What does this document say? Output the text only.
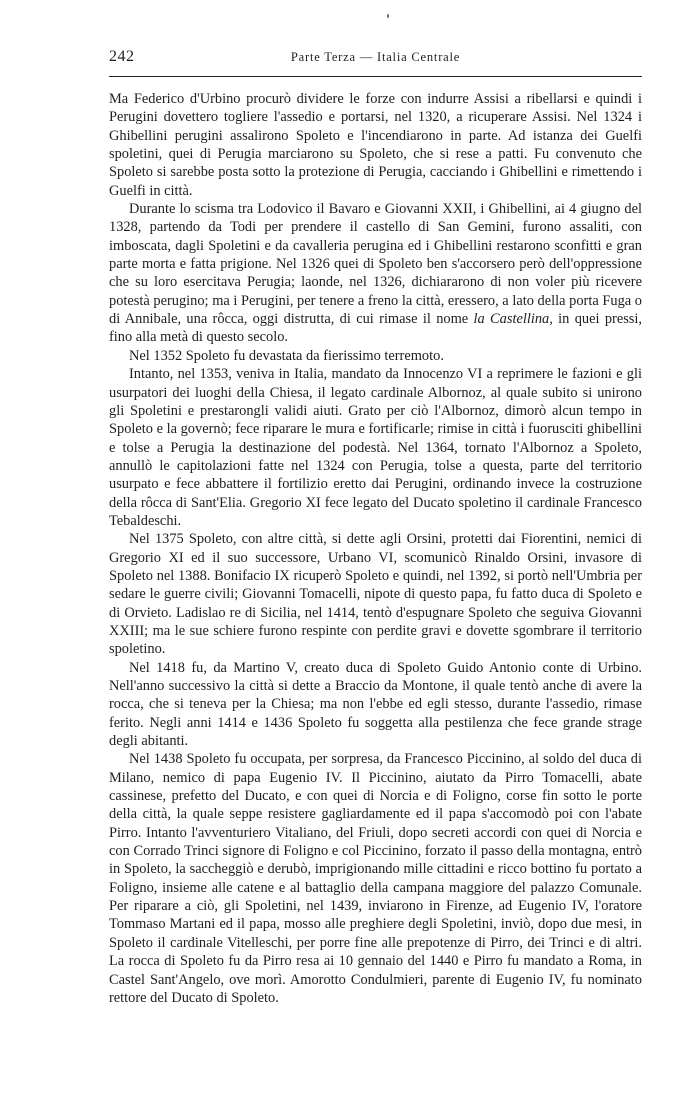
242	Parte Terza — Italia Centrale

Ma Federico d'Urbino procurò dividere le forze con indurre Assisi a ribellarsi e quindi i Perugini dovettero togliere l'assedio e portarsi, nel 1320, a ricuperare Assisi. Nel 1324 i Ghibellini perugini assalirono Spoleto e l'incendiarono in parte. Ad istanza dei Guelfi spoletini, quei di Perugia marciarono su Spoleto, che si rese a patti. Fu convenuto che Spoleto si sarebbe posta sotto la protezione di Perugia, cacciando i Ghibellini e rimettendo i Guelfi in città.

Durante lo scisma tra Lodovico il Bavaro e Giovanni XXII, i Ghibellini, ai 4 giugno del 1328, partendo da Todi per prendere il castello di San Gemini, furono assaliti, con imboscata, dagli Spoletini e da cavalleria perugina ed i Ghibellini restarono sconfitti e gran parte morta e fatta prigione. Nel 1326 quei di Spoleto ben s'accorsero però dell'oppressione che su loro esercitava Perugia; laonde, nel 1326, dichiararono di non voler più ricevere potestà perugino; ma i Perugini, per tenere a freno la città, eressero, a lato della porta Fuga o di Annibale, una rôcca, oggi distrutta, di cui rimase il nome la Castellina, in quei pressi, fino alla metà di questo secolo.

Nel 1352 Spoleto fu devastata da fierissimo terremoto.

Intanto, nel 1353, veniva in Italia, mandato da Innocenzo VI a reprimere le fazioni e gli usurpatori dei luoghi della Chiesa, il legato cardinale Albornoz, al quale subito si unirono gli Spoletini e prestarongli validi aiuti. Grato per ciò l'Albornoz, dimorò alcun tempo in Spoleto e la governò; fece riparare le mura e fortificarle; rimise in città i fuorusciti ghibellini e tolse a Perugia la destinazione del podestà. Nel 1364, tornato l'Albornoz a Spoleto, annullò le capitolazioni fatte nel 1324 con Perugia, tolse a questa, parte del territorio usurpato e fece abbattere il fortilizio eretto dai Perugini, ordinando invece la costruzione della rôcca di Sant'Elia. Gregorio XI fece legato del Ducato spoletino il cardinale Francesco Tebaldeschi.

Nel 1375 Spoleto, con altre città, si dette agli Orsini, protetti dai Fiorentini, nemici di Gregorio XI ed il suo successore, Urbano VI, scomunicò Rinaldo Orsini, invasore di Spoleto nel 1388. Bonifacio IX ricuperò Spoleto e quindi, nel 1392, si portò nell'Umbria per sedare le guerre civili; Giovanni Tomacelli, nipote di questo papa, fu fatto duca di Spoleto e di Orvieto. Ladislao re di Sicilia, nel 1414, tentò d'espugnare Spoleto che seguiva Giovanni XXIII; ma le sue schiere furono respinte con perdite gravi e dovette sgombrare il territorio spoletino.

Nel 1418 fu, da Martino V, creato duca di Spoleto Guido Antonio conte di Urbino. Nell'anno successivo la città si dette a Braccio da Montone, il quale tentò anche di avere la rocca, che si teneva per la Chiesa; ma non l'ebbe ed egli stesso, durante l'assedio, rimase ferito. Negli anni 1414 e 1436 Spoleto fu soggetta alla pestilenza che fece grande strage degli abitanti.

Nel 1438 Spoleto fu occupata, per sorpresa, da Francesco Piccinino, al soldo del duca di Milano, nemico di papa Eugenio IV. Il Piccinino, aiutato da Pirro Tomacelli, abate cassinese, prefetto del Ducato, e con quei di Norcia e di Foligno, corse fin sotto le porte della città, la quale seppe resistere gagliardamente ed il papa s'accomodò poi con l'abate Pirro. Intanto l'avventuriero Vitaliano, del Friuli, dopo secreti accordi con quei di Norcia e con Corrado Trinci signore di Foligno e col Piccinino, forzato il passo della montagna, entrò in Spoleto, la saccheggiò e derubò, imprigionando mille cittadini e ricco bottino fu portato a Foligno, insieme alle catene e al battaglio della campana maggiore del palazzo Comunale. Per riparare a ciò, gli Spoletini, nel 1439, inviarono in Firenze, ad Eugenio IV, l'oratore Tommaso Martani ed il papa, mosso alle preghiere degli Spoletini, inviò, dopo due mesi, in Spoleto il cardinale Vitelleschi, per porre fine alle prepotenze di Pirro, dei Trinci e di altri. La rocca di Spoleto fu da Pirro resa ai 10 gennaio del 1440 e Pirro fu mandato a Roma, in Castel Sant'Angelo, ove morì. Amorotto Condulmieri, parente di Eugenio IV, fu nominato rettore del Ducato di Spoleto.
